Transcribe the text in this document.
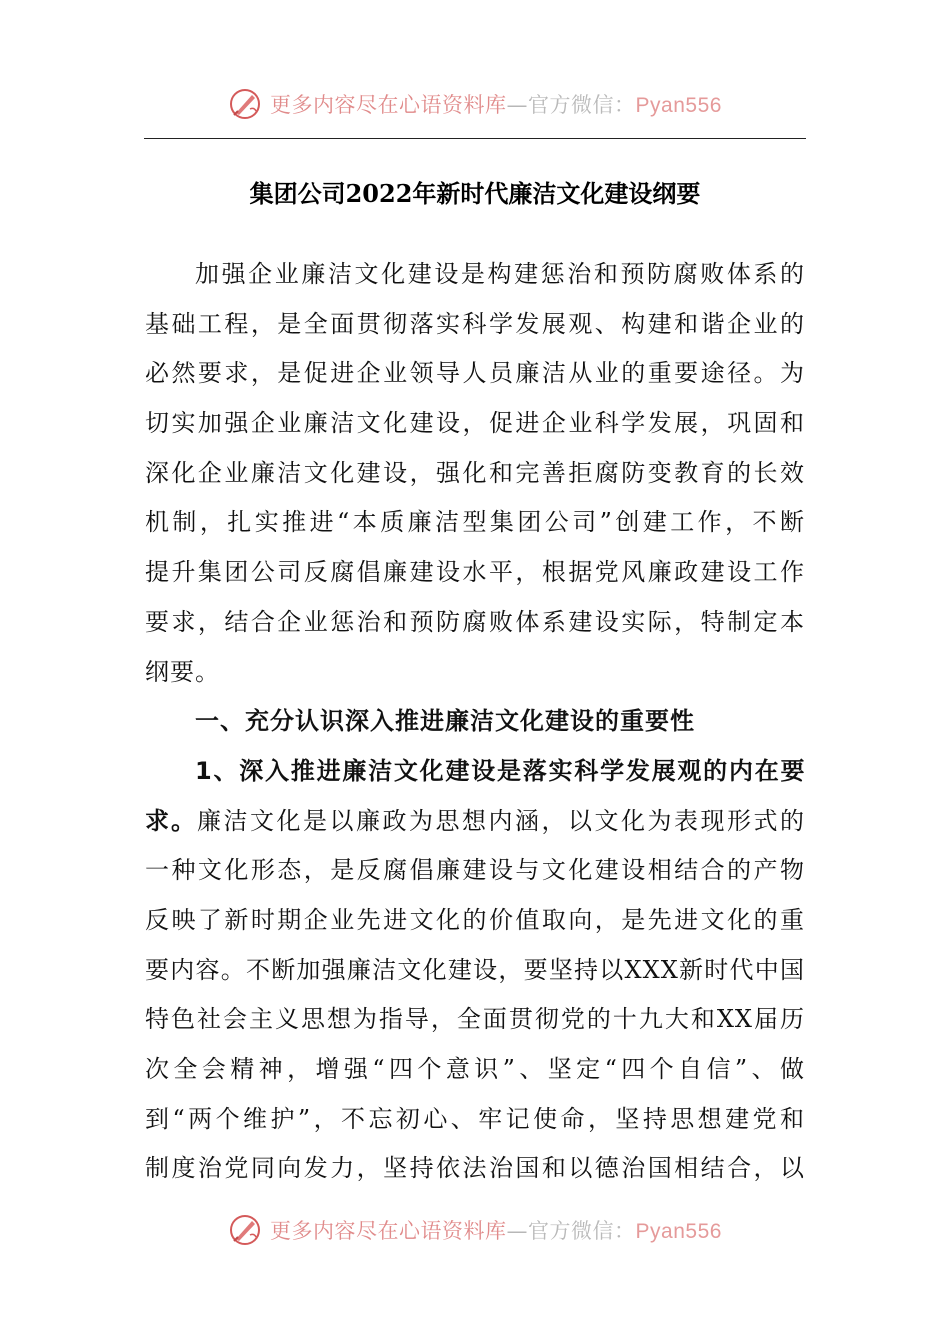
更多内容尽在心语资料库—官方微信：Pyan556
集团公司2022年新时代廉洁文化建设纲要
加强企业廉洁文化建设是构建惩治和预防腐败体系的
基础工程，是全面贯彻落实科学发展观、构建和谐企业的
必然要求，是促进企业领导人员廉洁从业的重要途径。为
切实加强企业廉洁文化建设，促进企业科学发展，巩固和
深化企业廉洁文化建设，强化和完善拒腐防变教育的长效
机制，扎实推进“本质廉洁型集团公司”创建工作，不断
提升集团公司反腐倡廉建设水平，根据党风廉政建设工作
要求，结合企业惩治和预防腐败体系建设实际，特制定本
纲要。
一、充分认识深入推进廉洁文化建设的重要性
1、深入推进廉洁文化建设是落实科学发展观的内在要
求。廉洁文化是以廉政为思想内涵，以文化为表现形式的
一种文化形态，是反腐倡廉建设与文化建设相结合的产物
反映了新时期企业先进文化的价值取向，是先进文化的重
要内容。不断加强廉洁文化建设，要坚持以XXX新时代中国
特色社会主义思想为指导，全面贯彻党的十九大和XX届历
次全会精神，增强“四个意识”、坚定“四个自信”、做
到“两个维护”，不忘初心、牢记使命，坚持思想建党和
制度治党同向发力，坚持依法治国和以德治国相结合，以
更多内容尽在心语资料库—官方微信：Pyan556
